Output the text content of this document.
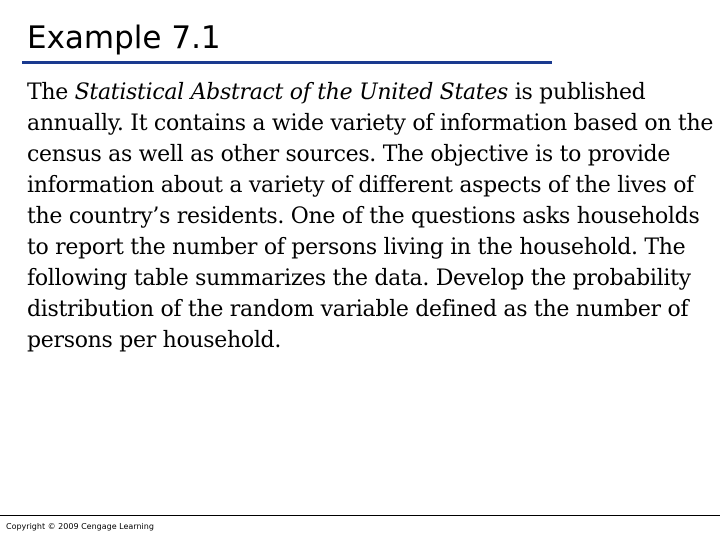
Example 7.1

The Statistical Abstract of the United States is published annually. It contains a wide variety of information based on the census as well as other sources. The objective is to provide information about a variety of different aspects of the lives of the country’s residents. One of the questions asks households to report the number of persons living in the household. The following table summarizes the data. Develop the probability distribution of the random variable defined as the number of persons per household.

Copyright © 2009 Cengage Learning
